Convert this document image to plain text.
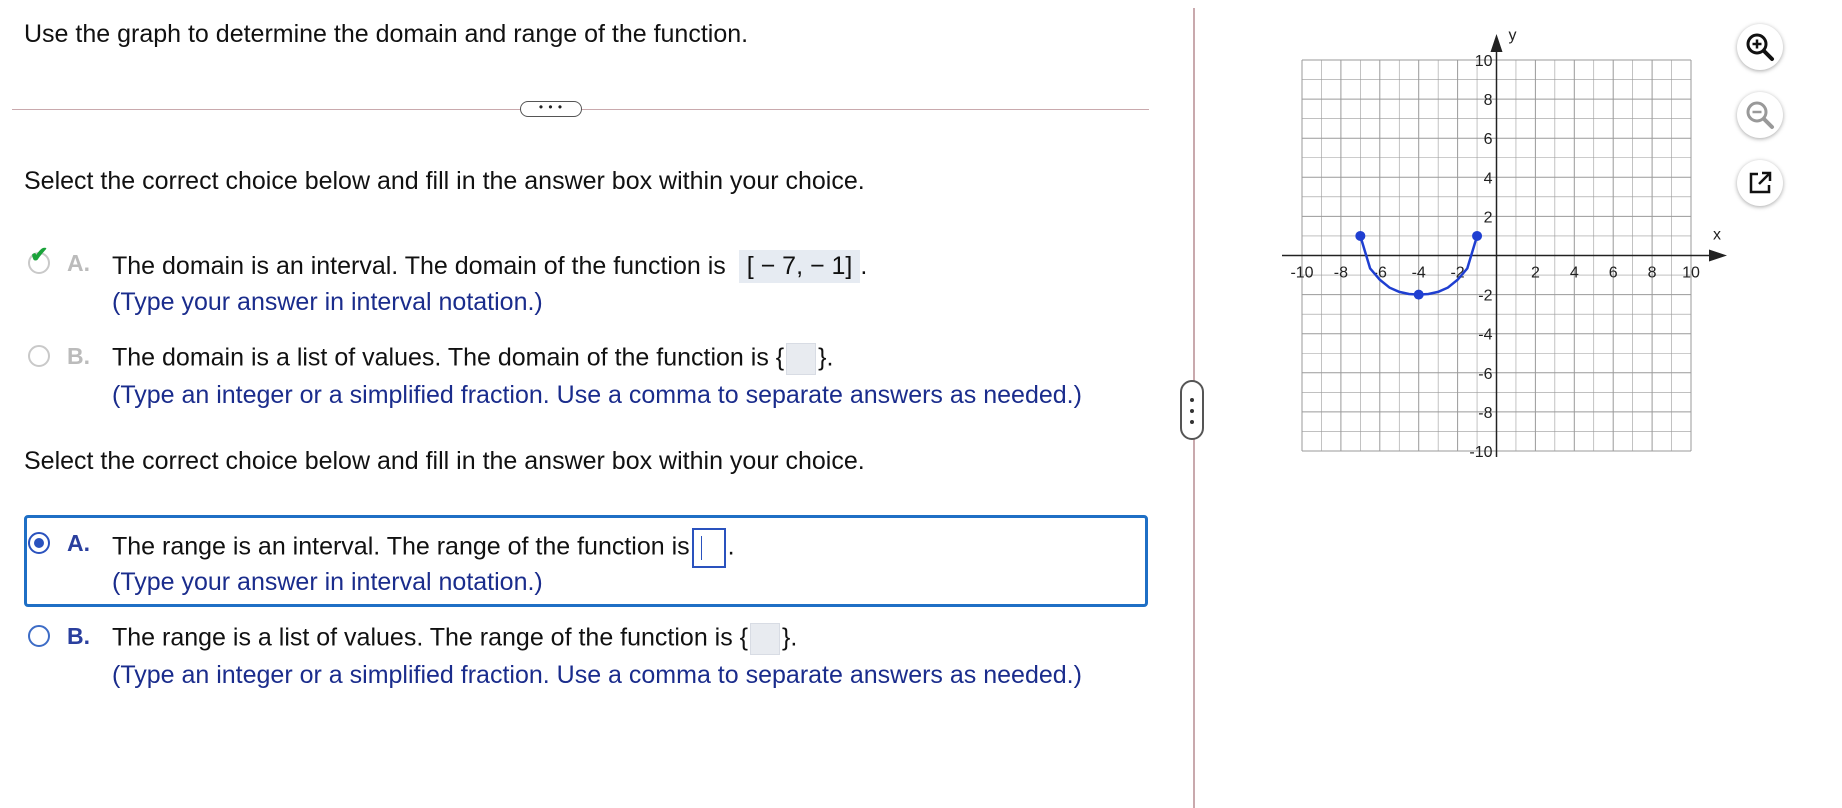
Use the graph to determine the domain and range of the function.
• • •
Select the correct choice below and fill in the answer box within your choice.
✔ A. The domain is an interval. The domain of the function is [ − 7, − 1] .
(Type your answer in interval notation.)
B. The domain is a list of values. The domain of the function is { }.
(Type an integer or a simplified fraction. Use a comma to separate answers as needed.)
Select the correct choice below and fill in the answer box within your choice.
A. The range is an interval. The range of the function is .
(Type your answer in interval notation.)
B. The range is a list of values. The range of the function is { }.
(Type an integer or a simplified fraction. Use a comma to separate answers as needed.)
x
y
-10 -8 -6 -4 -2	2 4 6 8 10
10
8
6
4
2
-2
-4
-6
-8
-10
